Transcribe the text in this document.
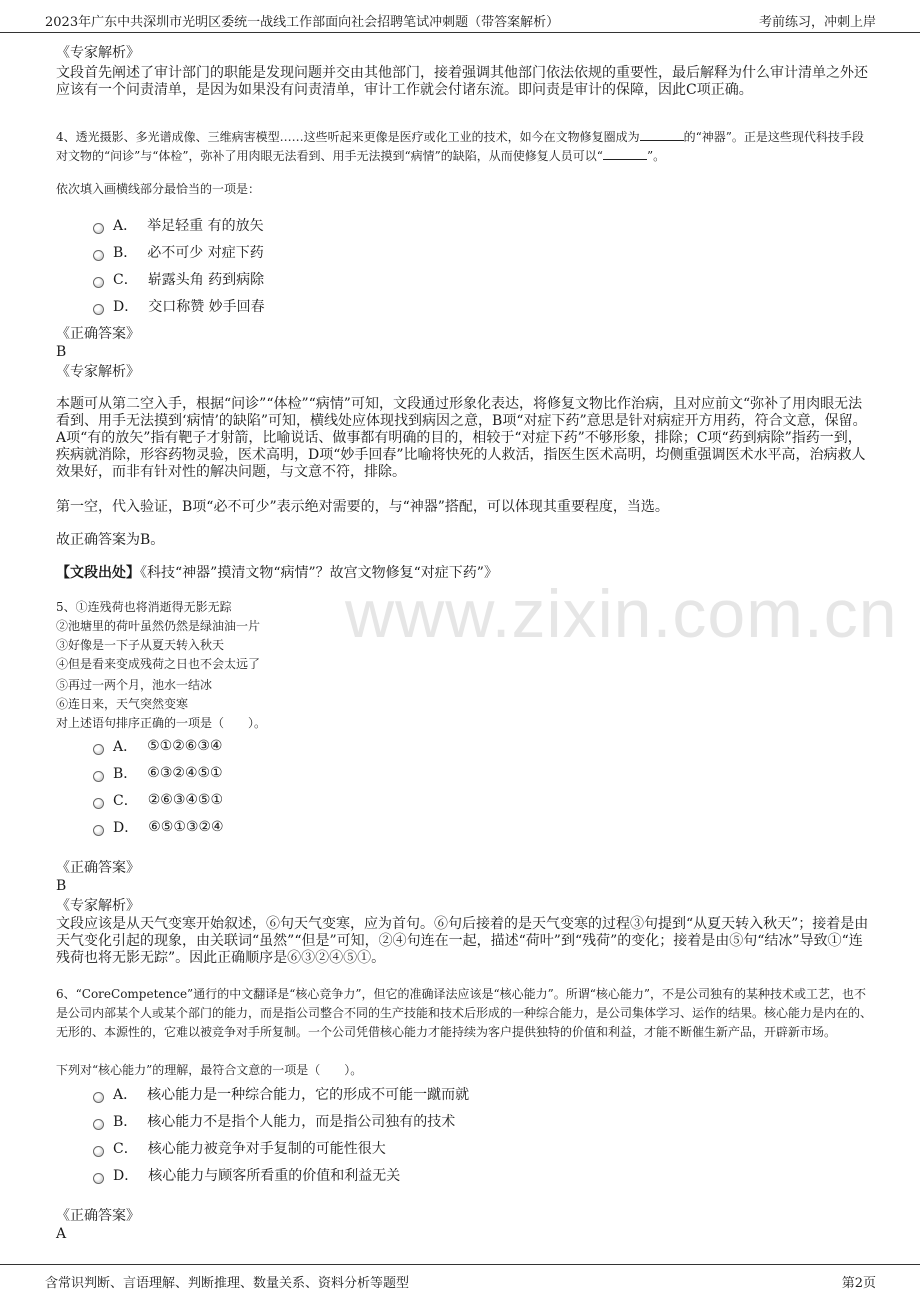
2023年广东中共深圳市光明区委统一战线工作部面向社会招聘笔试冲刺题（带答案解析）	考前练习，冲刺上岸
www.zixin.com.cn
《专家解析》

文段首先阐述了审计部门的职能是发现问题并交由其他部门，接着强调其他部门依法依规的重要性，最后解释为什么审计清单之外还应该有一个问责清单，是因为如果没有问责清单，审计工作就会付诸东流。即问责是审计的保障，因此C项正确。

4、透光摄影、多光谱成像、三维病害模型……这些听起来更像是医疗或化工业的技术，如今在文物修复圈成为	的“神器”。正是这些现代科技手段对文物的“问诊”与“体检”，弥补了用肉眼无法看到、用手无法摸到“病情”的缺陷，从而使修复人员可以“	”。

依次填入画横线部分最恰当的一项是：
A． 举足轻重 有的放矢
B． 必不可少 对症下药
C． 崭露头角 药到病除
D． 交口称赞 妙手回春
《正确答案》
B
《专家解析》

本题可从第二空入手，根据“问诊”“体检”“病情”可知，文段通过形象化表达，将修复文物比作治病，且对应前文“弥补了用肉眼无法看到、用手无法摸到‘病情’的缺陷”可知，横线处应体现找到病因之意，B项“对症下药”意思是针对病症开方用药，符合文意，保留。A项“有的放矢”指有靶子才射箭，比喻说话、做事都有明确的目的，相较于“对症下药”不够形象，排除；C项“药到病除”指药一到，疾病就消除，形容药物灵验，医术高明，D项“妙手回春”比喻将快死的人救活，指医生医术高明，均侧重强调医术水平高，治病救人效果好，而非有针对性的解决问题，与文意不符，排除。

第一空，代入验证，B项“必不可少”表示绝对需要的，与“神器”搭配，可以体现其重要程度，当选。

故正确答案为B。

【文段出处】《科技“神器”摸清文物“病情”？故宫文物修复“对症下药”》

5、①连残荷也将消逝得无影无踪
②池塘里的荷叶虽然仍然是绿油油一片
③好像是一下子从夏天转入秋天
④但是看来变成残荷之日也不会太远了
⑤再过一两个月，池水一结冰
⑥连日来，天气突然变寒
对上述语句排序正确的一项是（　　）。
A． ⑤①②⑥③④
B． ⑥③②④⑤①
C． ②⑥③④⑤①
D． ⑥⑤①③②④
《正确答案》
B
《专家解析》

文段应该是从天气变寒开始叙述，⑥句天气变寒，应为首句。⑥句后接着的是天气变寒的过程③句提到“从夏天转入秋天”；接着是由天气变化引起的现象，由关联词“虽然”“但是”可知，②④句连在一起，描述“荷叶”到“残荷”的变化；接着是由⑤句“结冰”导致①“连残荷也将无影无踪”。因此正确顺序是⑥③②④⑤①。

6、“CoreCompetence”通行的中文翻译是“核心竞争力”，但它的准确译法应该是“核心能力”。所谓“核心能力”，不是公司独有的某种技术或工艺，也不是公司内部某个人或某个部门的能力，而是指公司整合不同的生产技能和技术后形成的一种综合能力，是公司集体学习、运作的结果。核心能力是内在的、无形的、本源性的，它难以被竞争对手所复制。一个公司凭借核心能力才能持续为客户提供独特的价值和利益，才能不断催生新产品，开辟新市场。

下列对“核心能力”的理解，最符合文意的一项是（　　）。
A． 核心能力是一种综合能力，它的形成不可能一蹴而就
B． 核心能力不是指个人能力，而是指公司独有的技术
C． 核心能力被竞争对手复制的可能性很大
D． 核心能力与顾客所看重的价值和利益无关
《正确答案》
A
含常识判断、言语理解、判断推理、数量关系、资料分析等题型	第2页
